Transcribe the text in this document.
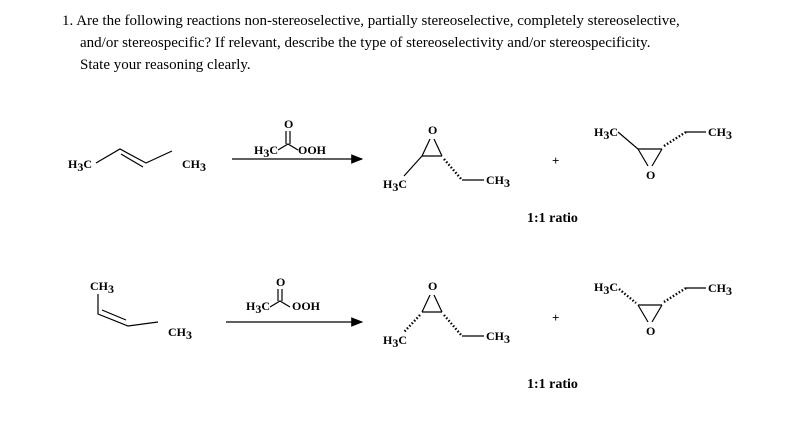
1. Are the following reactions non-stereoselective, partially stereoselective, completely stereoselective,
and/or stereospecific? If relevant, describe the type of stereoselectivity and/or stereospecificity.
State your reasoning clearly.
H3C	CH3
O
H3C OOH
O
H3C	CH3
+
H3C
O
CH3
1:1 ratio
CH3
CH3
O
H3C OOH
O
H3C	CH3
+
H3C
O
CH3
1:1 ratio
